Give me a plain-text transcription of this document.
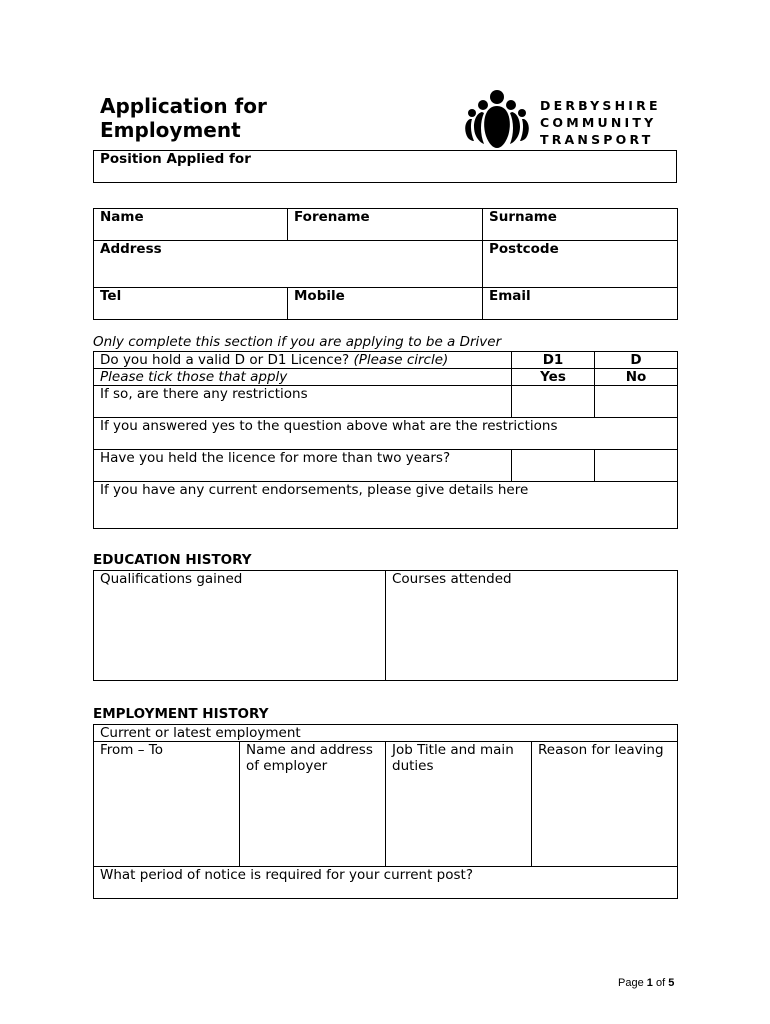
Application for
Employment
DERBYSHIRE
COMMUNITY
TRANSPORT
Position Applied for
Name	Forename	Surname
Address		Postcode
Tel	Mobile	Email
Only complete this section if you are applying to be a Driver
Do you hold a valid D or D1 Licence? (Please circle)	D1	D
Please tick those that apply	Yes	No
If so, are there any restrictions		
If you answered yes to the question above what are the restrictions		
Have you held the licence for more than two years?		
If you have any current endorsements, please give details here		
EDUCATION HISTORY
Qualifications gained	Courses attended
EMPLOYMENT HISTORY
Current or latest employment
From – To	Name and address of employer	Job Title and main duties	Reason for leaving
What period of notice is required for your current post?
Page 1 of 5
